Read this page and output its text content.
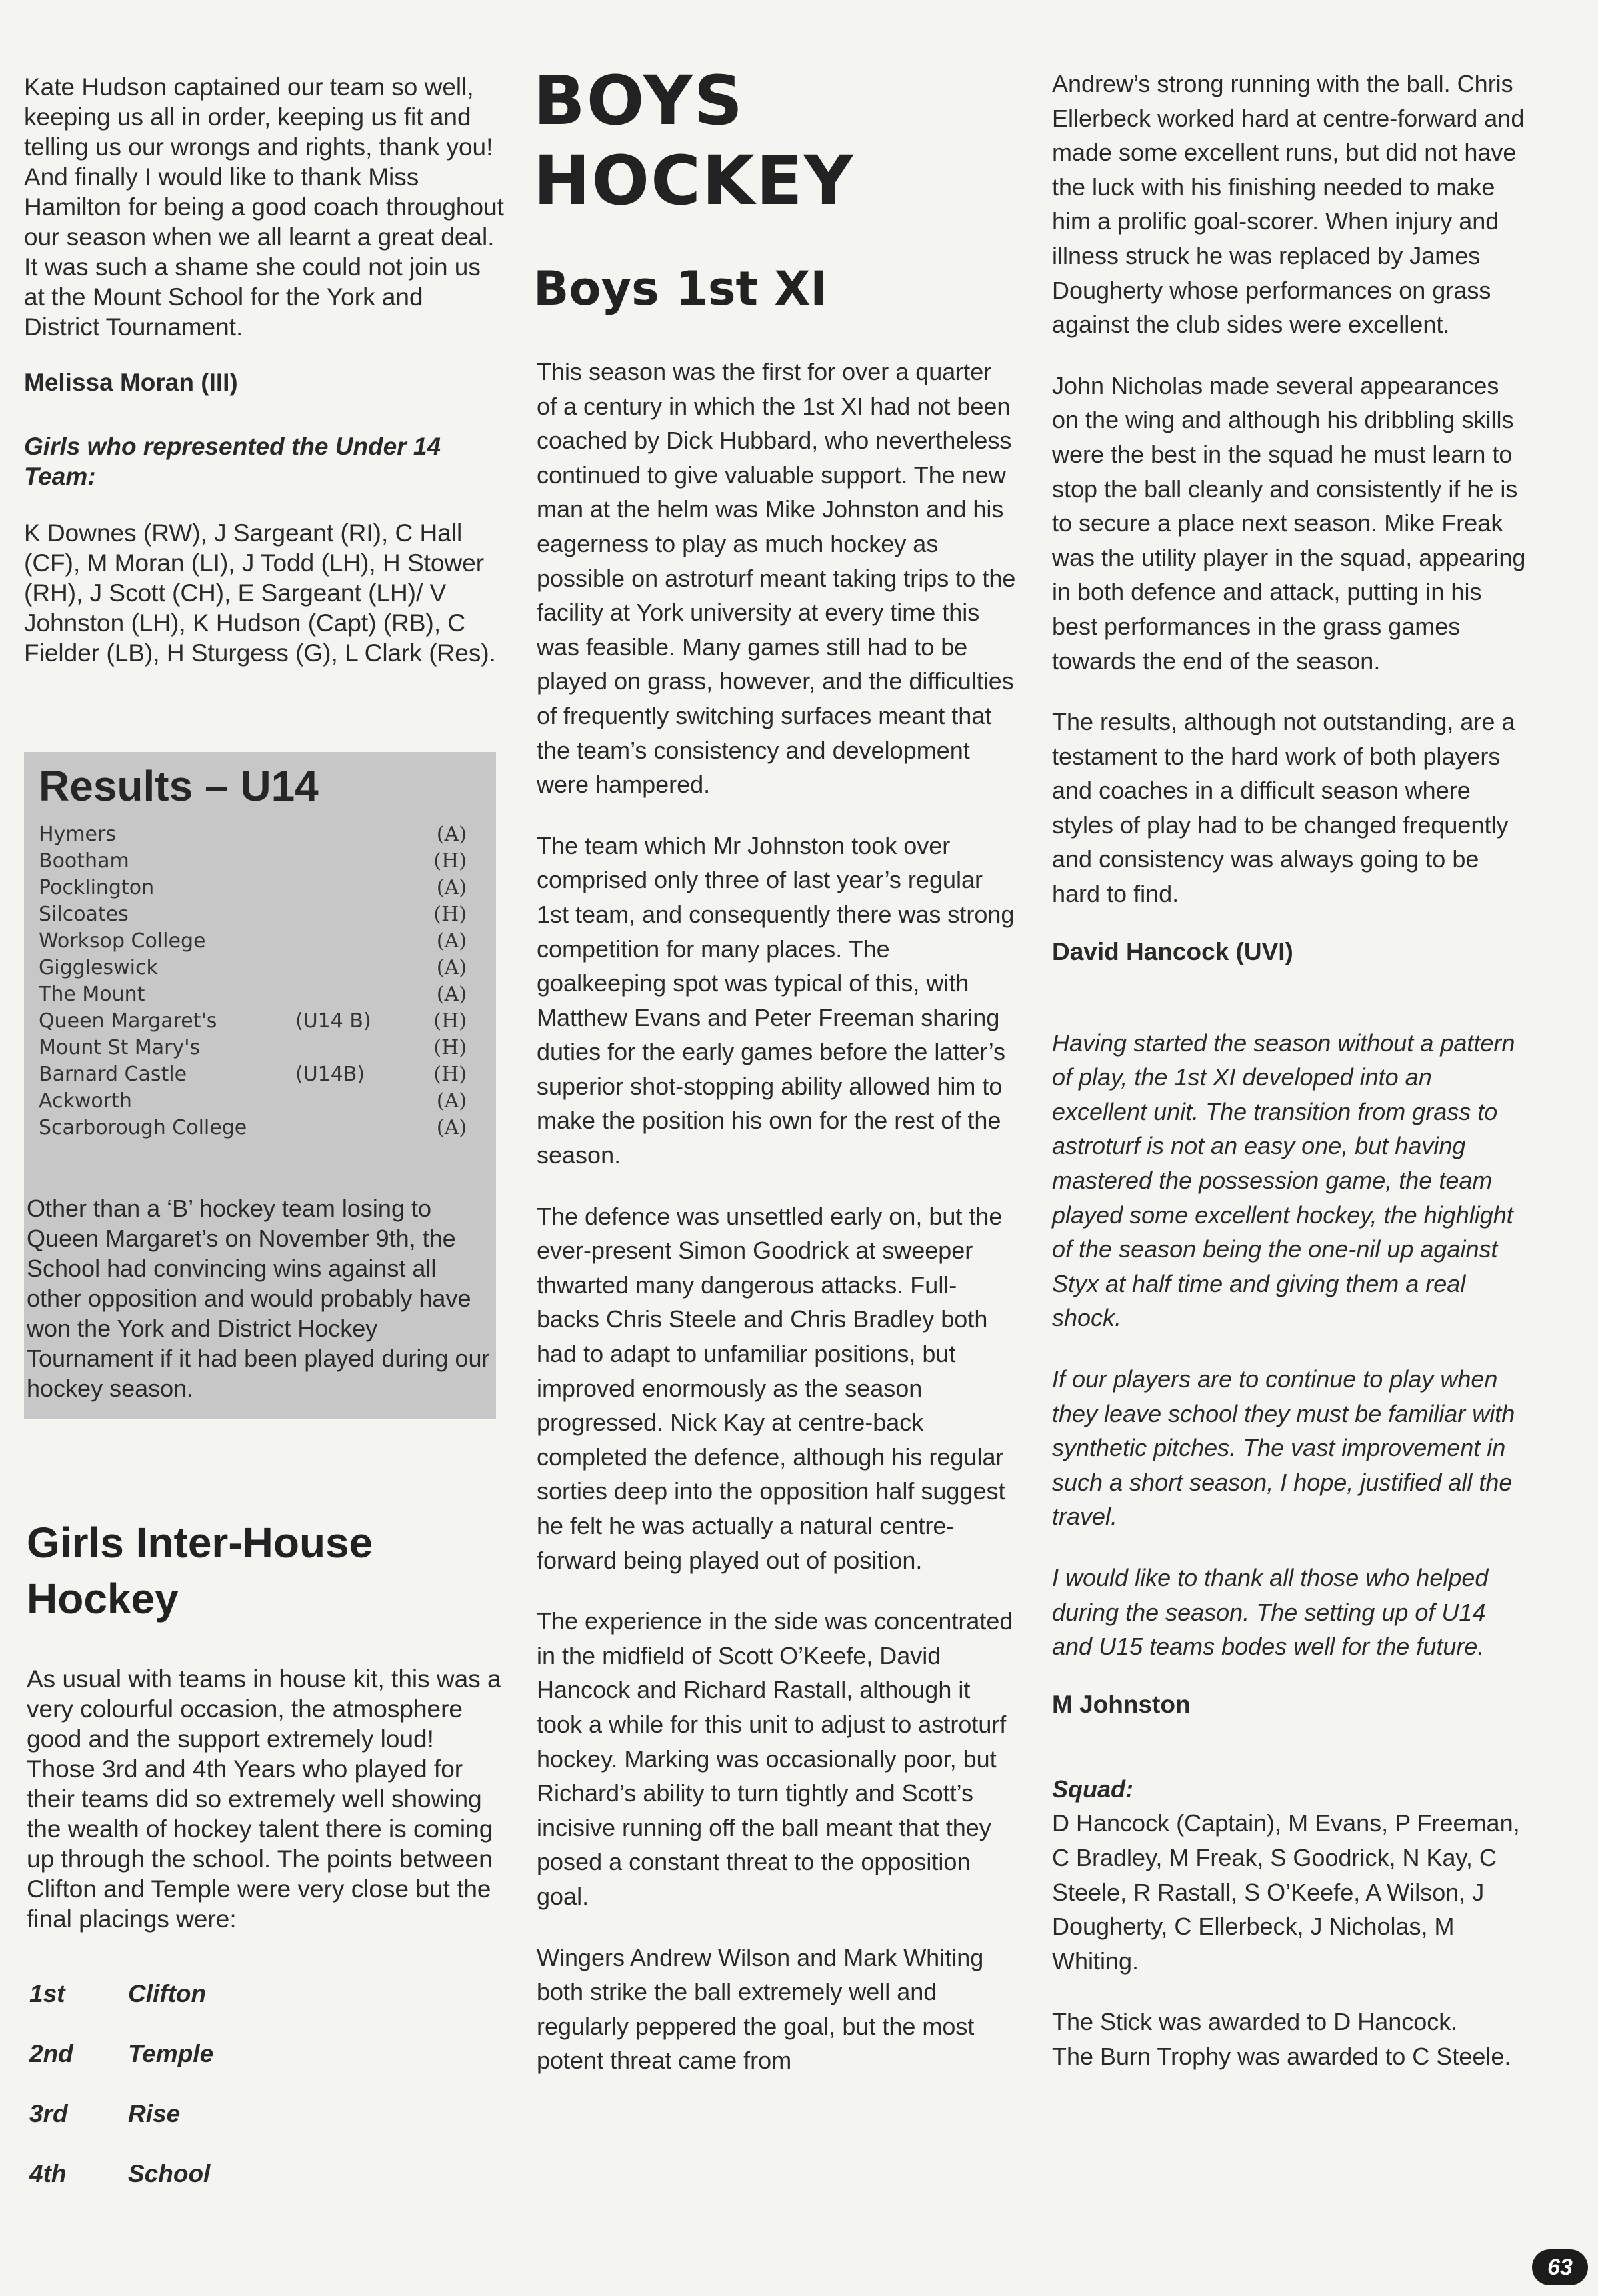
Kate Hudson captained our team so well, keeping us all in order, keeping us fit and telling us our wrongs and rights, thank you! And finally I would like to thank Miss Hamilton for being a good coach throughout our season when we all learnt a great deal. It was such a shame she could not join us at the Mount School for the York and District Tournament.

Melissa Moran (III)

Girls who represented the Under 14 Team:

K Downes (RW), J Sargeant (RI), C Hall (CF), M Moran (LI), J Todd (LH), H Stower (RH), J Scott (CH), E Sargeant (LH)/ V Johnston (LH), K Hudson (Capt) (RB), C Fielder (LB), H Sturgess (G), L Clark (Res).

Results – U14
Hymers	(A)
Bootham	(H)
Pocklington	(A)
Silcoates	(H)
Worksop College	(A)
Giggleswick	(A)
The Mount	(A)
Queen Margaret's	(U14 B)	(H)
Mount St Mary's	(H)
Barnard Castle	(U14B)	(H)
Ackworth	(A)
Scarborough College	(A)

Other than a ‘B’ hockey team losing to Queen Margaret’s on November 9th, the School had convincing wins against all other opposition and would probably have won the York and District Hockey Tournament if it had been played during our hockey season.

Girls Inter-House Hockey

As usual with teams in house kit, this was a very colourful occasion, the atmosphere good and the support extremely loud! Those 3rd and 4th Years who played for their teams did so extremely well showing the wealth of hockey talent there is coming up through the school. The points between Clifton and Temple were very close but the final placings were:

1st	Clifton
2nd Temple
3rd Rise
4th	School
BOYS
HOCKEY
Boys 1st XI

This season was the first for over a quarter of a century in which the 1st XI had not been coached by Dick Hubbard, who nevertheless continued to give valuable support. The new man at the helm was Mike Johnston and his eagerness to play as much hockey as possible on astroturf meant taking trips to the facility at York university at every time this was feasible. Many games still had to be played on grass, however, and the difficulties of frequently switching surfaces meant that the team’s consistency and development were hampered.

The team which Mr Johnston took over comprised only three of last year’s regular 1st team, and consequently there was strong competition for many places. The goalkeeping spot was typical of this, with Matthew Evans and Peter Freeman sharing duties for the early games before the latter’s superior shot-stopping ability allowed him to make the position his own for the rest of the season.

The defence was unsettled early on, but the ever-present Simon Goodrick at sweeper thwarted many dangerous attacks. Full-backs Chris Steele and Chris Bradley both had to adapt to unfamiliar positions, but improved enormously as the season progressed. Nick Kay at centre-back completed the defence, although his regular sorties deep into the opposition half suggest he felt he was actually a natural centre-forward being played out of position.

The experience in the side was concentrated in the midfield of Scott O’Keefe, David Hancock and Richard Rastall, although it took a while for this unit to adjust to astroturf hockey. Marking was occasionally poor, but Richard’s ability to turn tightly and Scott’s incisive running off the ball meant that they posed a constant threat to the opposition goal.

Wingers Andrew Wilson and Mark Whiting both strike the ball extremely well and regularly peppered the goal, but the most potent threat came from

Andrew’s strong running with the ball. Chris Ellerbeck worked hard at centre-forward and made some excellent runs, but did not have the luck with his finishing needed to make him a prolific goal-scorer. When injury and illness struck he was replaced by James Dougherty whose performances on grass against the club sides were excellent.

John Nicholas made several appearances on the wing and although his dribbling skills were the best in the squad he must learn to stop the ball cleanly and consistently if he is to secure a place next season. Mike Freak was the utility player in the squad, appearing in both defence and attack, putting in his best performances in the grass games towards the end of the season.

The results, although not outstanding, are a testament to the hard work of both players and coaches in a difficult season where styles of play had to be changed frequently and consistency was always going to be hard to find.

David Hancock (UVI)

Having started the season without a pattern of play, the 1st XI developed into an excellent unit. The transition from grass to astroturf is not an easy one, but having mastered the possession game, the team played some excellent hockey, the highlight of the season being the one-nil up against Styx at half time and giving them a real shock.

If our players are to continue to play when they leave school they must be familiar with synthetic pitches. The vast improvement in such a short season, I hope, justified all the travel.

I would like to thank all those who helped during the season. The setting up of U14 and U15 teams bodes well for the future.

M Johnston

Squad:

D Hancock (Captain), M Evans, P Freeman, C Bradley, M Freak, S Goodrick, N Kay, C Steele, R Rastall, S O’Keefe, A Wilson, J Dougherty, C Ellerbeck, J Nicholas, M Whiting.

The Stick was awarded to D Hancock.

The Burn Trophy was awarded to C Steele.

63
